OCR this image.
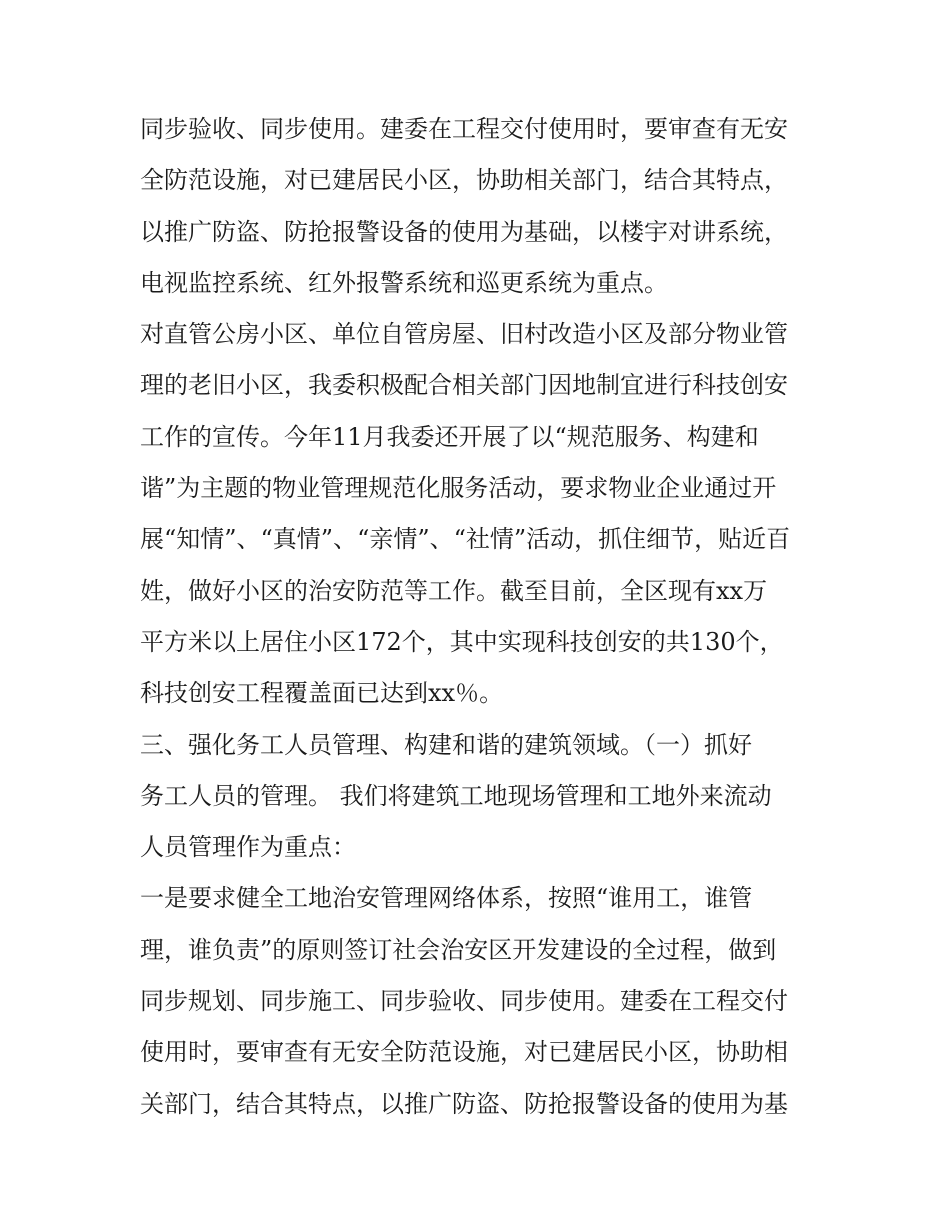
同步验收、同步使用。建委在工程交付使用时，要审查有无安
全防范设施，对已建居民小区，协助相关部门，结合其特点，
以推广防盗、防抢报警设备的使用为基础，以楼宇对讲系统，
电视监控系统、红外报警系统和巡更系统为重点。
对直管公房小区、单位自管房屋、旧村改造小区及部分物业管
理的老旧小区，我委积极配合相关部门因地制宜进行科技创安
工作的宣传。今年11月我委还开展了以“规范服务、构建和
谐”为主题的物业管理规范化服务活动，要求物业企业通过开
展“知情”、“真情”、“亲情”、“社情”活动，抓住细节，贴近百
姓，做好小区的治安防范等工作。截至目前，全区现有xx万
平方米以上居住小区172个，其中实现科技创安的共130个，
科技创安工程覆盖面已达到xx％。
三、强化务工人员管理、构建和谐的建筑领域。（一）抓好
务工人员的管理。 我们将建筑工地现场管理和工地外来流动
人员管理作为重点：
一是要求健全工地治安管理网络体系，按照“谁用工，谁管
理，谁负责”的原则签订社会治安区开发建设的全过程，做到
同步规划、同步施工、同步验收、同步使用。建委在工程交付
使用时，要审查有无安全防范设施，对已建居民小区，协助相
关部门，结合其特点，以推广防盗、防抢报警设备的使用为基
